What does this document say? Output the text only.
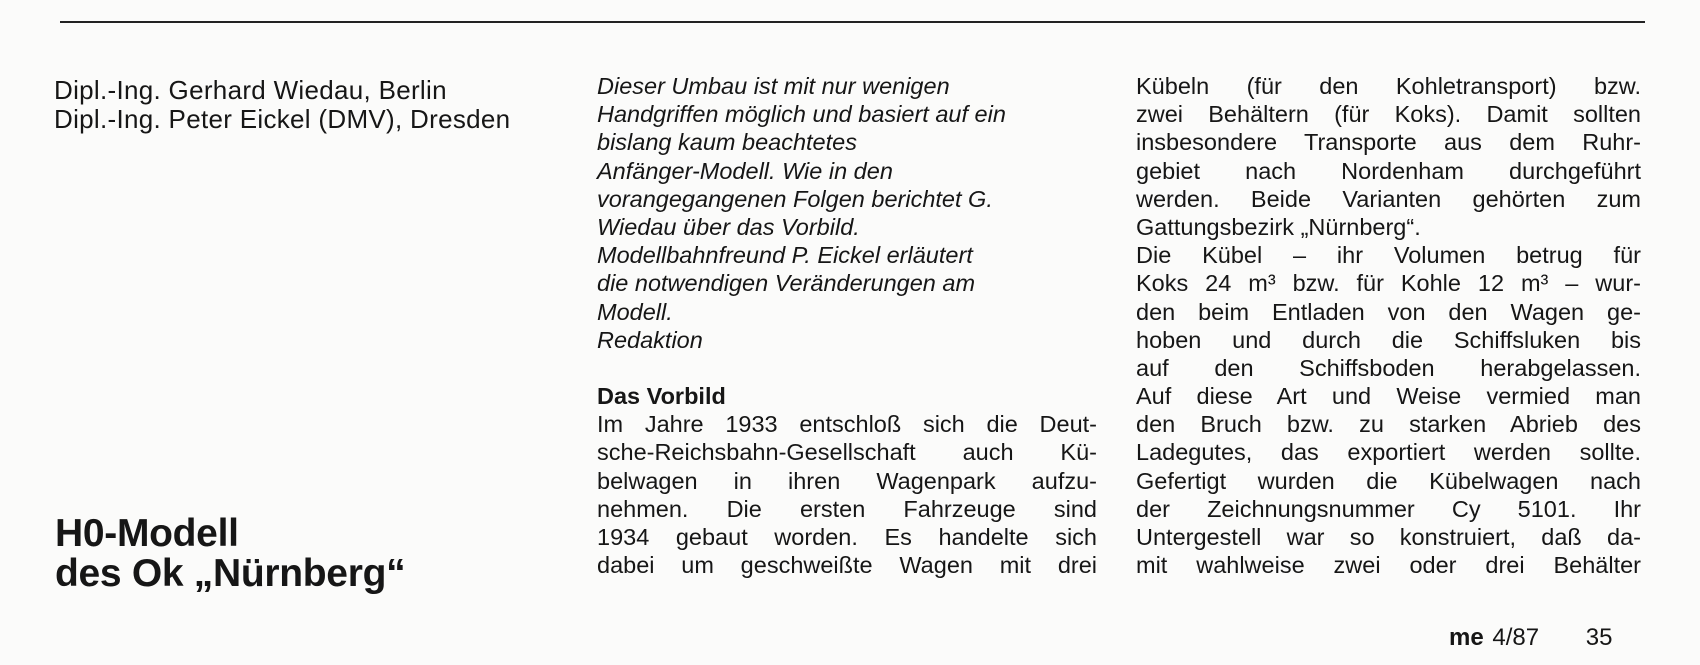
Dipl.-Ing. Gerhard Wiedau, Berlin
Dipl.-Ing. Peter Eickel (DMV), Dresden
H0-Modell
des Ok „Nürnberg“
Dieser Umbau ist mit nur wenigen
Handgriffen möglich und basiert auf ein
bislang kaum beachtetes
Anfänger-Modell. Wie in den
vorangegangenen Folgen berichtet G.
Wiedau über das Vorbild.
Modellbahnfreund P. Eickel erläutert
die notwendigen Veränderungen am
Modell.
Redaktion
Das Vorbild
Im Jahre 1933 entschloß sich die Deut-
sche-Reichsbahn-Gesellschaft auch Kü-
belwagen in ihren Wagenpark aufzu-
nehmen. Die ersten Fahrzeuge sind
1934 gebaut worden. Es handelte sich
dabei um geschweißte Wagen mit drei
Kübeln (für den Kohletransport) bzw.
zwei Behältern (für Koks). Damit sollten
insbesondere Transporte aus dem Ruhr-
gebiet nach Nordenham durchgeführt
werden. Beide Varianten gehörten zum
Gattungsbezirk „Nürnberg“.
Die Kübel – ihr Volumen betrug für
Koks 24 m³ bzw. für Kohle 12 m³ – wur-
den beim Entladen von den Wagen ge-
hoben und durch die Schiffsluken bis
auf den Schiffsboden herabgelassen.
Auf diese Art und Weise vermied man
den Bruch bzw. zu starken Abrieb des
Ladegutes, das exportiert werden sollte.
Gefertigt wurden die Kübelwagen nach
der Zeichnungsnummer Cy 5101. Ihr
Untergestell war so konstruiert, daß da-
mit wahlweise zwei oder drei Behälter
me 4/87 35
